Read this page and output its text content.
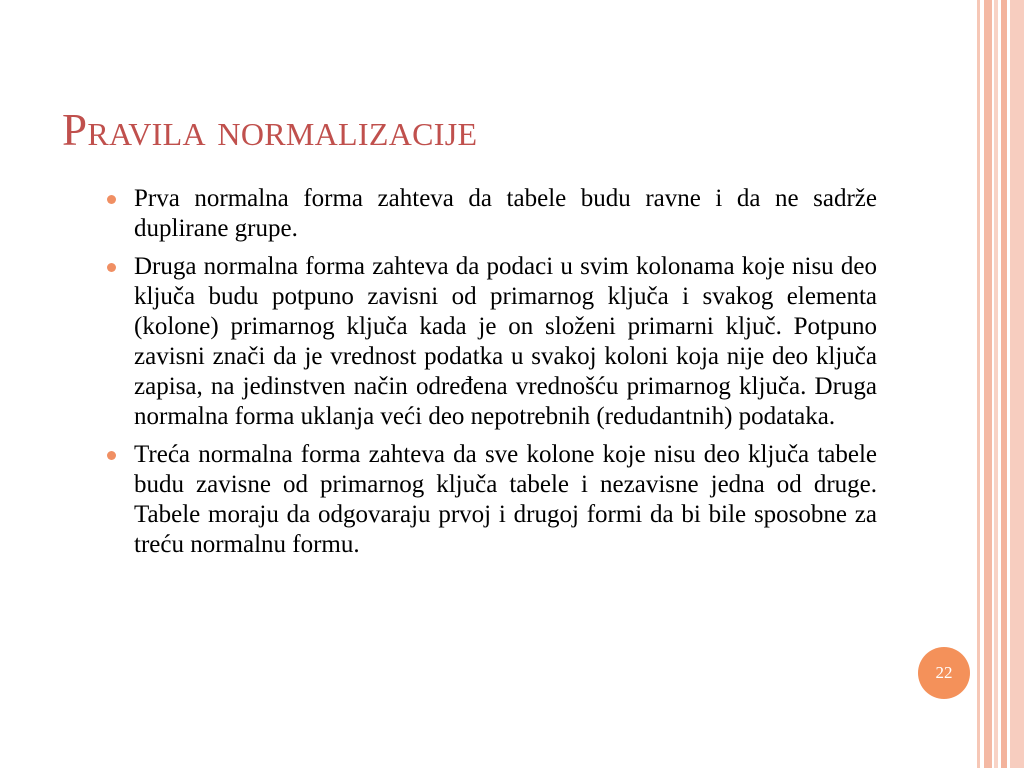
Pravila normalizacije
Prva normalna forma zahteva da tabele budu ravne i da ne sadrže duplirane grupe.
Druga normalna forma zahteva da podaci u svim kolonama koje nisu deo ključa budu potpuno zavisni od primarnog ključa i svakog elementa (kolone) primarnog ključa kada je on složeni primarni ključ. Potpuno zavisni znači da je vrednost podatka u svakoj koloni koja nije deo ključa zapisa, na jedinstven način određena vrednošću primarnog ključa. Druga normalna forma uklanja veći deo nepotrebnih (redudantnih) podataka.
Treća normalna forma zahteva da sve kolone koje nisu deo ključa tabele budu zavisne od primarnog ključa tabele i nezavisne jedna od druge. Tabele moraju da odgovaraju prvoj i drugoj formi da bi bile sposobne za treću normalnu formu.
22
